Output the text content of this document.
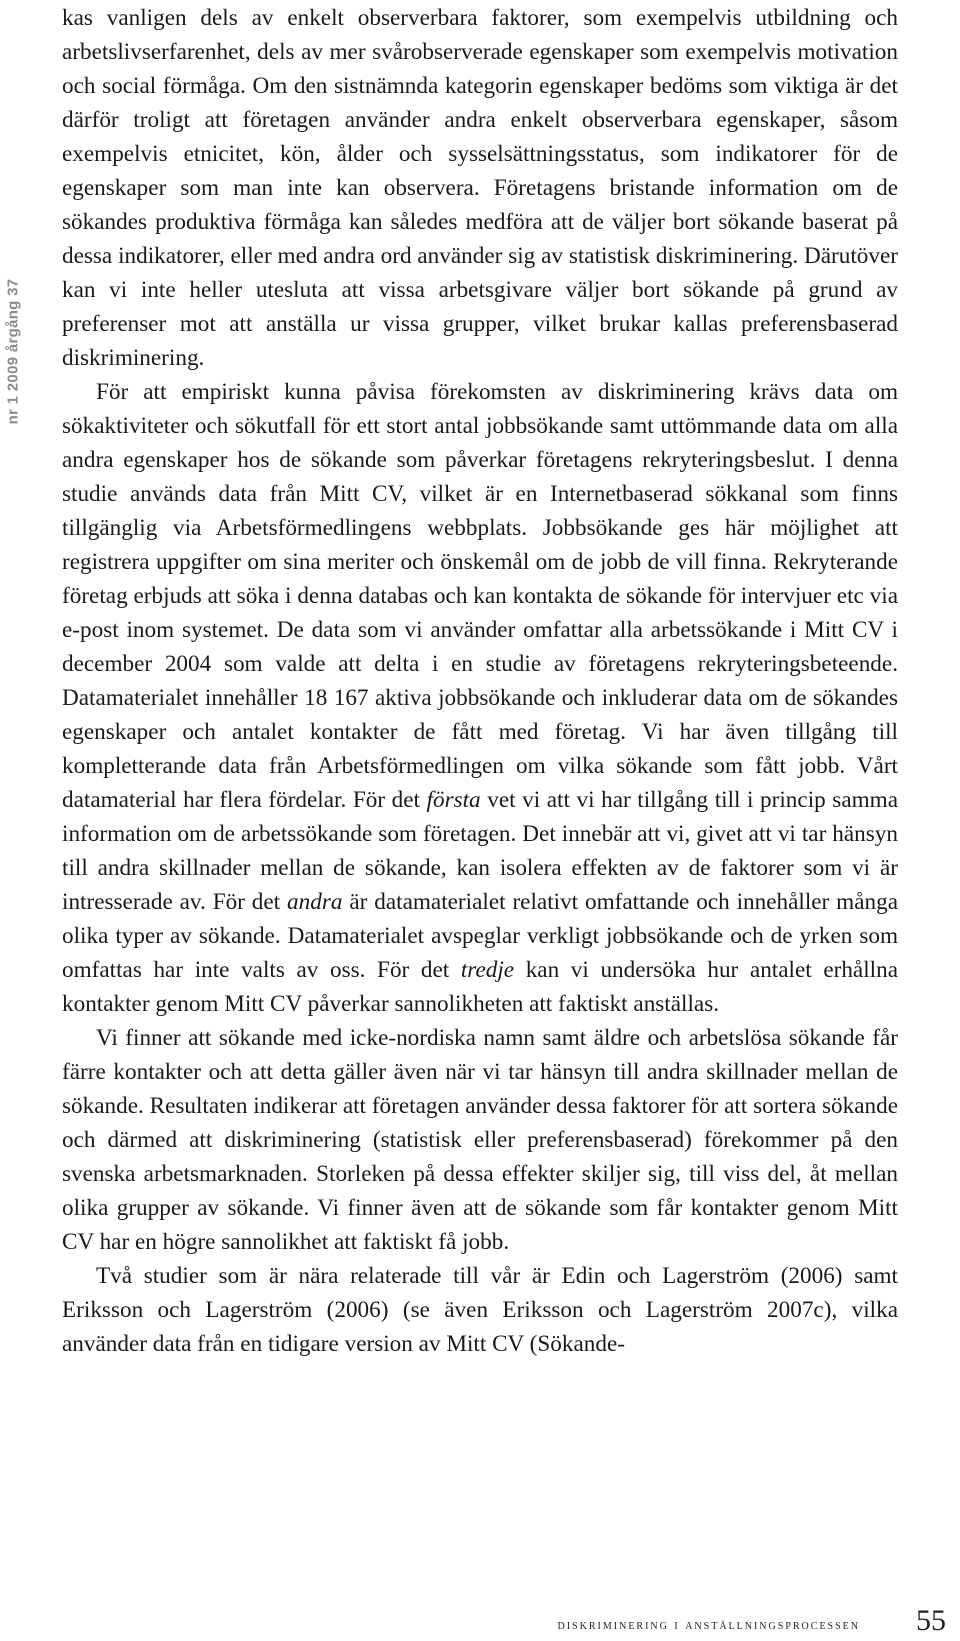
nr 1 2009 årgång 37

kas vanligen dels av enkelt observerbara faktorer, som exempelvis utbildning och arbetslivserfarenhet, dels av mer svårobserverade egenskaper som exempelvis motivation och social förmåga. Om den sistnämnda kategorin egenskaper bedöms som viktiga är det därför troligt att företagen använder andra enkelt observerbara egenskaper, såsom exempelvis etnicitet, kön, ålder och sysselsättningsstatus, som indikatorer för de egenskaper som man inte kan observera. Företagens bristande information om de sökandes produktiva förmåga kan således medföra att de väljer bort sökande baserat på dessa indikatorer, eller med andra ord använder sig av statistisk diskriminering. Därutöver kan vi inte heller utesluta att vissa arbetsgivare väljer bort sökande på grund av preferenser mot att anställa ur vissa grupper, vilket brukar kallas preferensbaserad diskriminering.

För att empiriskt kunna påvisa förekomsten av diskriminering krävs data om sökaktiviteter och sökutfall för ett stort antal jobbsökande samt uttömmande data om alla andra egenskaper hos de sökande som påverkar företagens rekryteringsbeslut. I denna studie används data från Mitt CV, vilket är en Internetbaserad sökkanal som finns tillgänglig via Arbetsförmedlingens webbplats. Jobbsökande ges här möjlighet att registrera uppgifter om sina meriter och önskemål om de jobb de vill finna. Rekryterande företag erbjuds att söka i denna databas och kan kontakta de sökande för intervjuer etc via e-post inom systemet. De data som vi använder omfattar alla arbetssökande i Mitt CV i december 2004 som valde att delta i en studie av företagens rekryteringsbeteende. Datamaterialet innehåller 18 167 aktiva jobbsökande och inkluderar data om de sökandes egenskaper och antalet kontakter de fått med företag. Vi har även tillgång till kompletterande data från Arbetsförmedlingen om vilka sökande som fått jobb. Vårt datamaterial har flera fördelar. För det första vet vi att vi har tillgång till i princip samma information om de arbetssökande som företagen. Det innebär att vi, givet att vi tar hänsyn till andra skillnader mellan de sökande, kan isolera effekten av de faktorer som vi är intresserade av. För det andra är datamaterialet relativt omfattande och innehåller många olika typer av sökande. Datamaterialet avspeglar verkligt jobbsökande och de yrken som omfattas har inte valts av oss. För det tredje kan vi undersöka hur antalet erhållna kontakter genom Mitt CV påverkar sannolikheten att faktiskt anställas.

Vi finner att sökande med icke-nordiska namn samt äldre och arbetslösa sökande får färre kontakter och att detta gäller även när vi tar hänsyn till andra skillnader mellan de sökande. Resultaten indikerar att företagen använder dessa faktorer för att sortera sökande och därmed att diskriminering (statistisk eller preferensbaserad) förekommer på den svenska arbetsmarknaden. Storleken på dessa effekter skiljer sig, till viss del, åt mellan olika grupper av sökande. Vi finner även att de sökande som får kontakter genom Mitt CV har en högre sannolikhet att faktiskt få jobb.

Två studier som är nära relaterade till vår är Edin och Lagerström (2006) samt Eriksson och Lagerström (2006) (se även Eriksson och Lagerström 2007c), vilka använder data från en tidigare version av Mitt CV (Sökande-

diskriminering i anställningsprocessen 55
